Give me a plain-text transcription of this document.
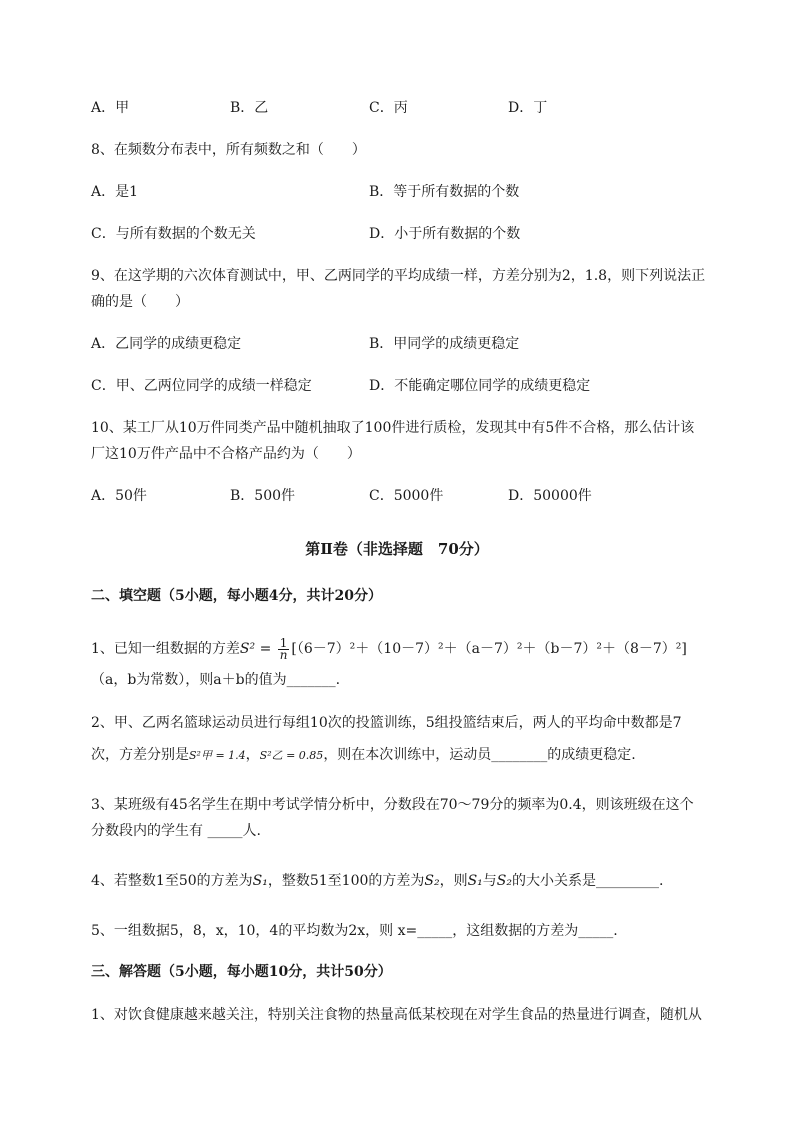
A．甲	B．乙	C．丙	D．丁
8、在频数分布表中，所有频数之和（　　）
A．是1	B．等于所有数据的个数
C．与所有数据的个数无关	D．小于所有数据的个数
9、在这学期的六次体育测试中，甲、乙两同学的平均成绩一样，方差分别为2，1.8，则下列说法正
确的是（　　）
A．乙同学的成绩更稳定	B．甲同学的成绩更稳定
C．甲、乙两位同学的成绩一样稳定	D．不能确定哪位同学的成绩更稳定
10、某工厂从10万件同类产品中随机抽取了100件进行质检，发现其中有5件不合格，那么估计该
厂这10万件产品中不合格产品约为（　　）
A．50件	B．500件	C．5000件	D．50000件
第Ⅱ卷（非选择题　70分）
二、填空题（5小题，每小题4分，共计20分）
1、已知一组数据的方差$S^2 = \frac{1}{n} [(6-7)^2+(10-7)^2+(a-7)^2+(b-7)^2+(8-7)^2]$
（a，b为常数），则a＋b的值为_______.
2、甲、乙两名篮球运动员进行每组10次的投篮训练，5组投篮结束后，两人的平均命中数都是7
次，方差分别是S²甲 = 1.4，S²乙 = 0.85，则在本次训练中，运动员________的成绩更稳定.
3、某班级有45名学生在期中考试学情分析中，分数段在70～79分的频率为0.4，则该班级在这个
分数段内的学生有 _____人.
4、若整数1至50的方差为S₁，整数51至100的方差为S₂，则S₁与S₂的大小关系是_________.
5、一组数据5，8，x，10，4的平均数为2x，则 x=_____，这组数据的方差为_____.
三、解答题（5小题，每小题10分，共计50分）
1、对饮食健康越来越关注，特别关注食物的热量高低某校现在对学生食品的热量进行调查，随机从
